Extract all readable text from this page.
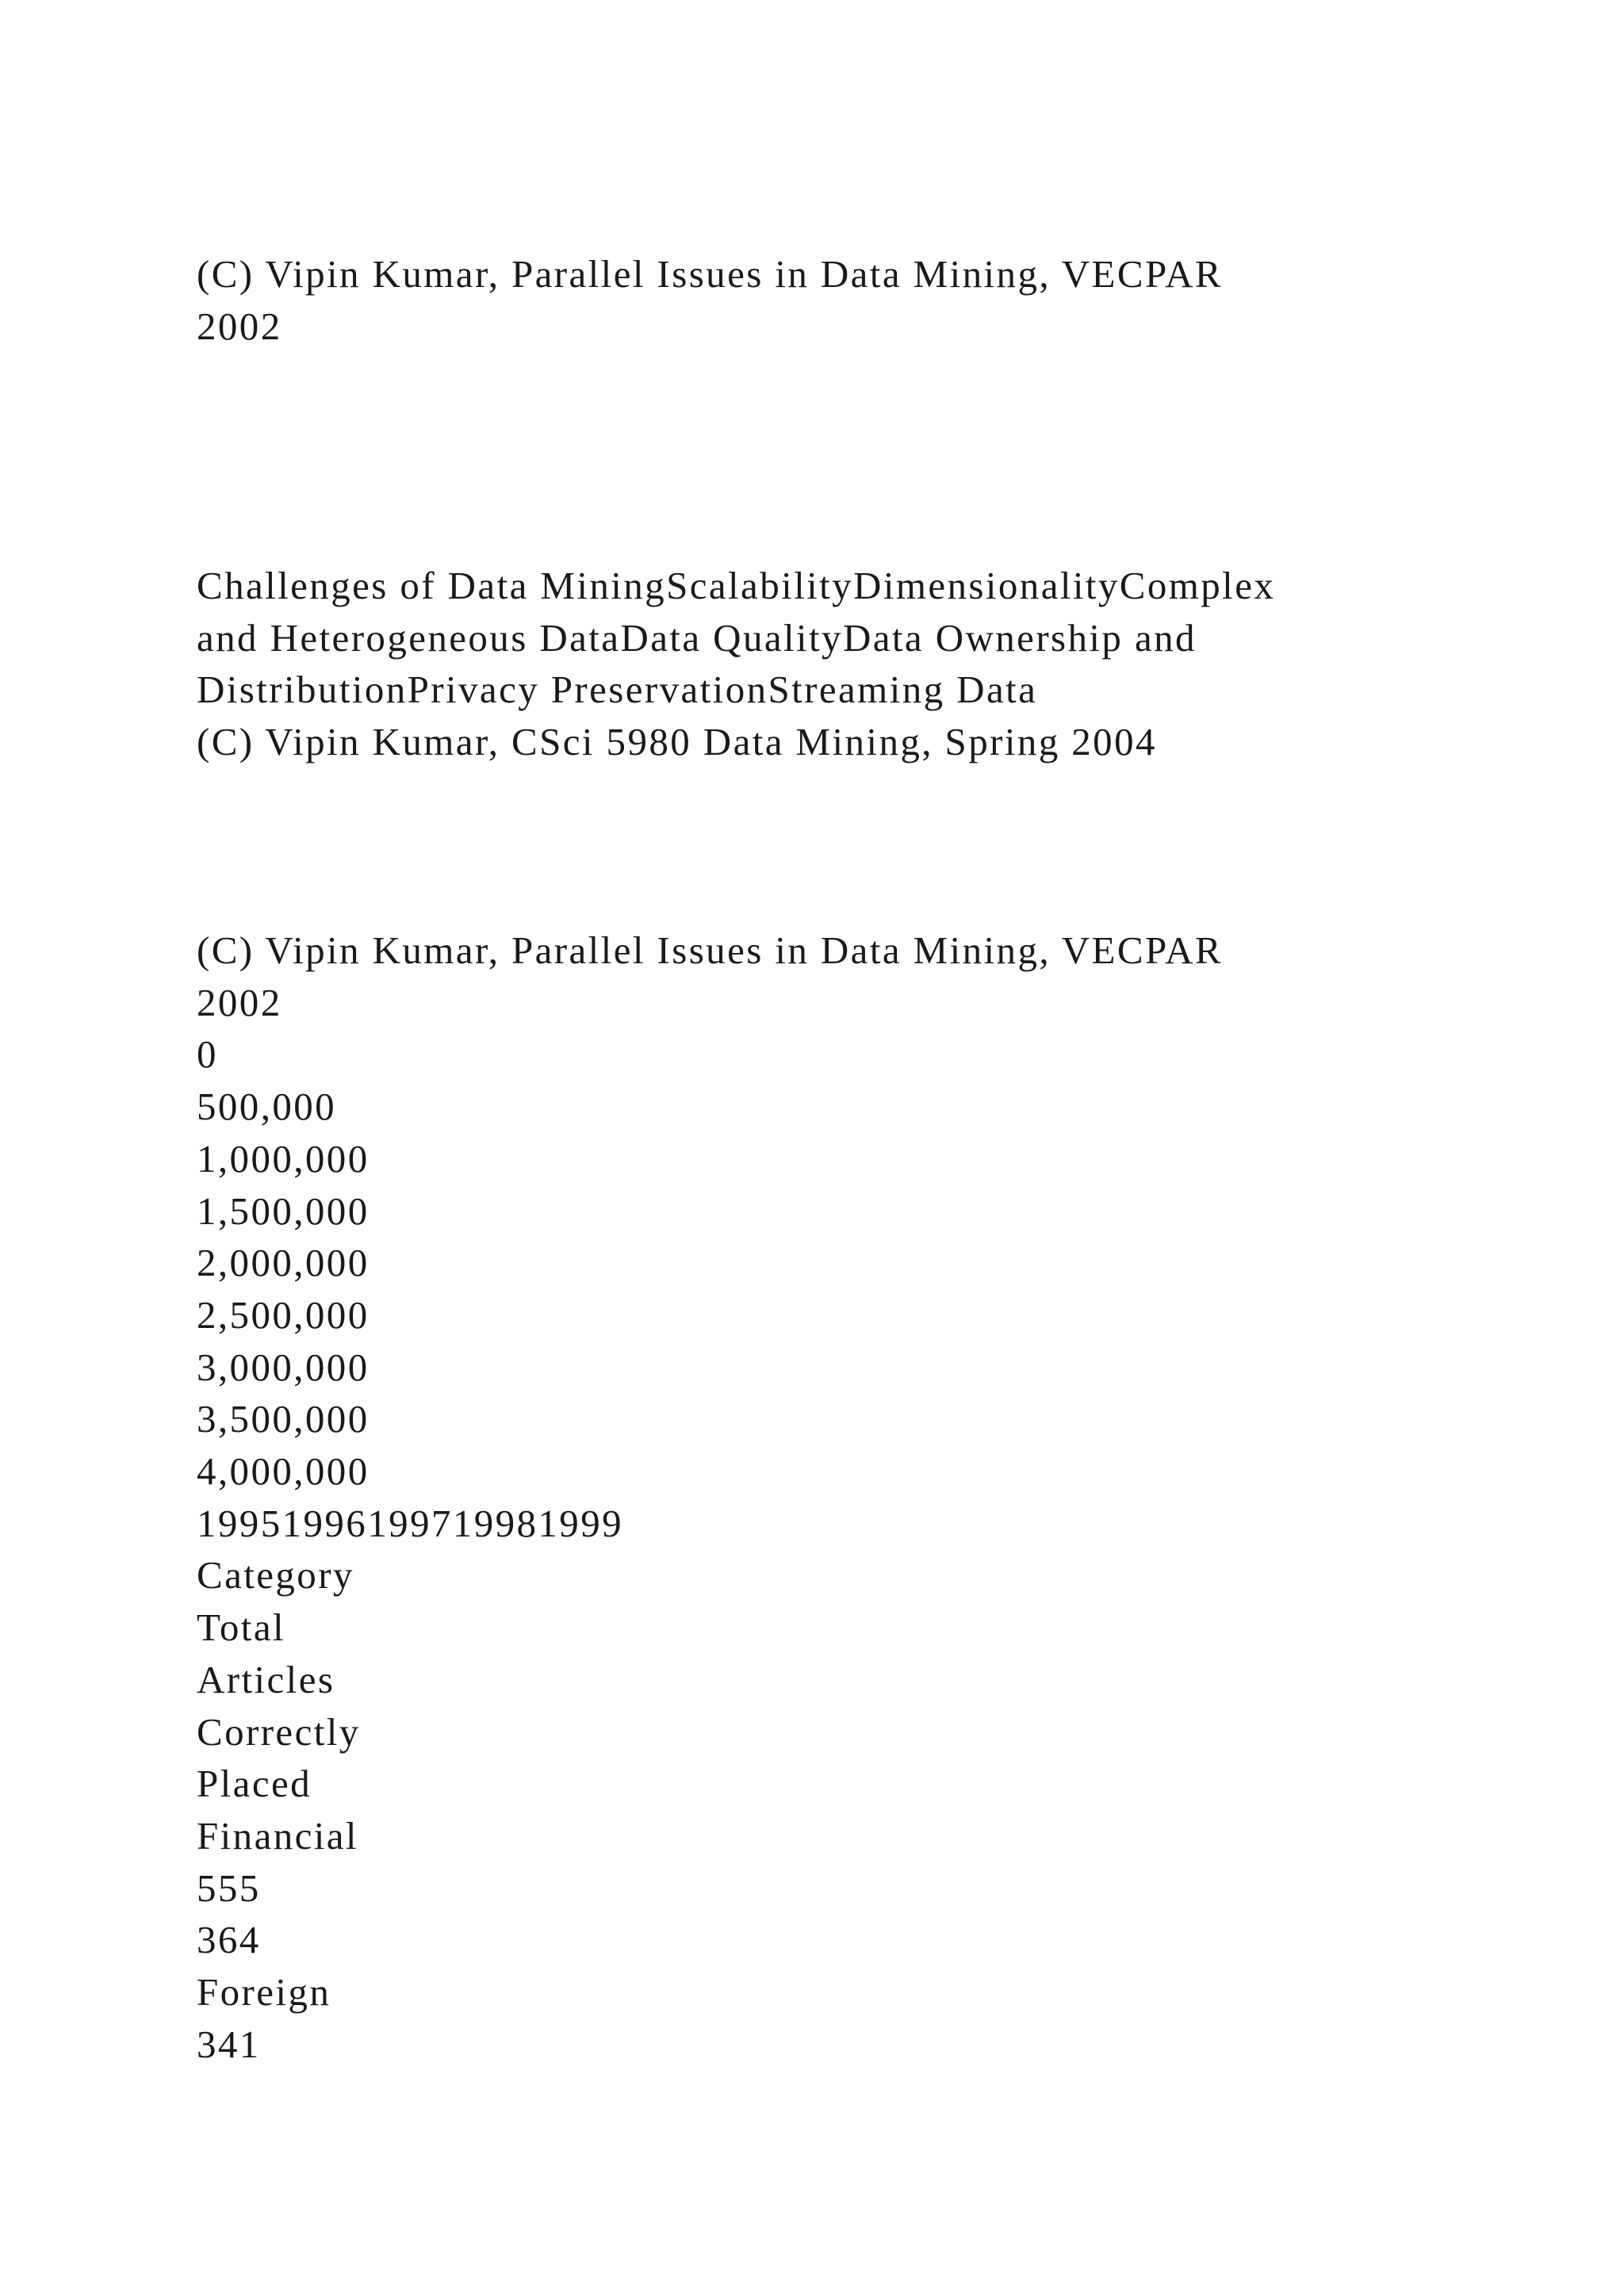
(C) Vipin Kumar, Parallel Issues in Data Mining, VECPAR
2002
Challenges of Data MiningScalabilityDimensionalityComplex
and Heterogeneous DataData QualityData Ownership and
DistributionPrivacy PreservationStreaming Data
(C) Vipin Kumar, CSci 5980 Data Mining, Spring 2004
(C) Vipin Kumar, Parallel Issues in Data Mining, VECPAR
2002
0
500,000
1,000,000
1,500,000
2,000,000
2,500,000
3,000,000
3,500,000
4,000,000
19951996199719981999
Category
Total
Articles
Correctly
Placed
Financial
555
364
Foreign
341
